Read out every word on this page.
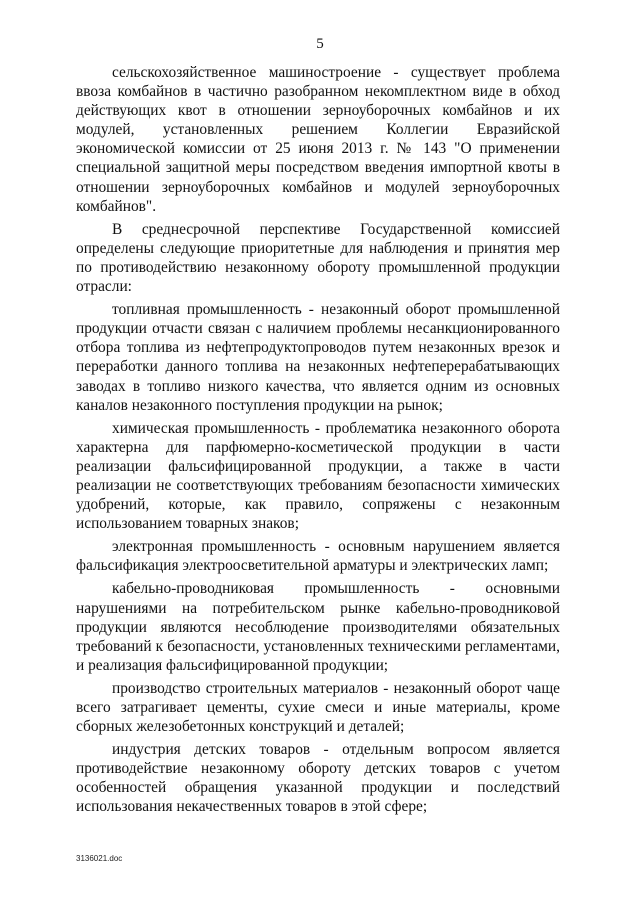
5

сельскохозяйственное машиностроение - существует проблема ввоза комбайнов в частично разобранном некомплектном виде в обход действующих квот в отношении зерноуборочных комбайнов и их модулей, установленных решением Коллегии Евразийской экономической комиссии от 25 июня 2013 г. № 143 "О применении специальной защитной меры посредством введения импортной квоты в отношении зерноуборочных комбайнов и модулей зерноуборочных комбайнов".

В среднесрочной перспективе Государственной комиссией определены следующие приоритетные для наблюдения и принятия мер по противодействию незаконному обороту промышленной продукции отрасли:

топливная промышленность - незаконный оборот промышленной продукции отчасти связан с наличием проблемы несанкционированного отбора топлива из нефтепродуктопроводов путем незаконных врезок и переработки данного топлива на незаконных нефтеперерабатывающих заводах в топливо низкого качества, что является одним из основных каналов незаконного поступления продукции на рынок;

химическая промышленность - проблематика незаконного оборота характерна для парфюмерно-косметической продукции в части реализации фальсифицированной продукции, а также в части реализации не соответствующих требованиям безопасности химических удобрений, которые, как правило, сопряжены с незаконным использованием товарных знаков;

электронная промышленность - основным нарушением является фальсификация электроосветительной арматуры и электрических ламп;

кабельно-проводниковая промышленность - основными нарушениями на потребительском рынке кабельно-проводниковой продукции являются несоблюдение производителями обязательных требований к безопасности, установленных техническими регламентами, и реализация фальсифицированной продукции;

производство строительных материалов - незаконный оборот чаще всего затрагивает цементы, сухие смеси и иные материалы, кроме сборных железобетонных конструкций и деталей;

индустрия детских товаров - отдельным вопросом является противодействие незаконному обороту детских товаров с учетом особенностей обращения указанной продукции и последствий использования некачественных товаров в этой сфере;

3136021.doc
